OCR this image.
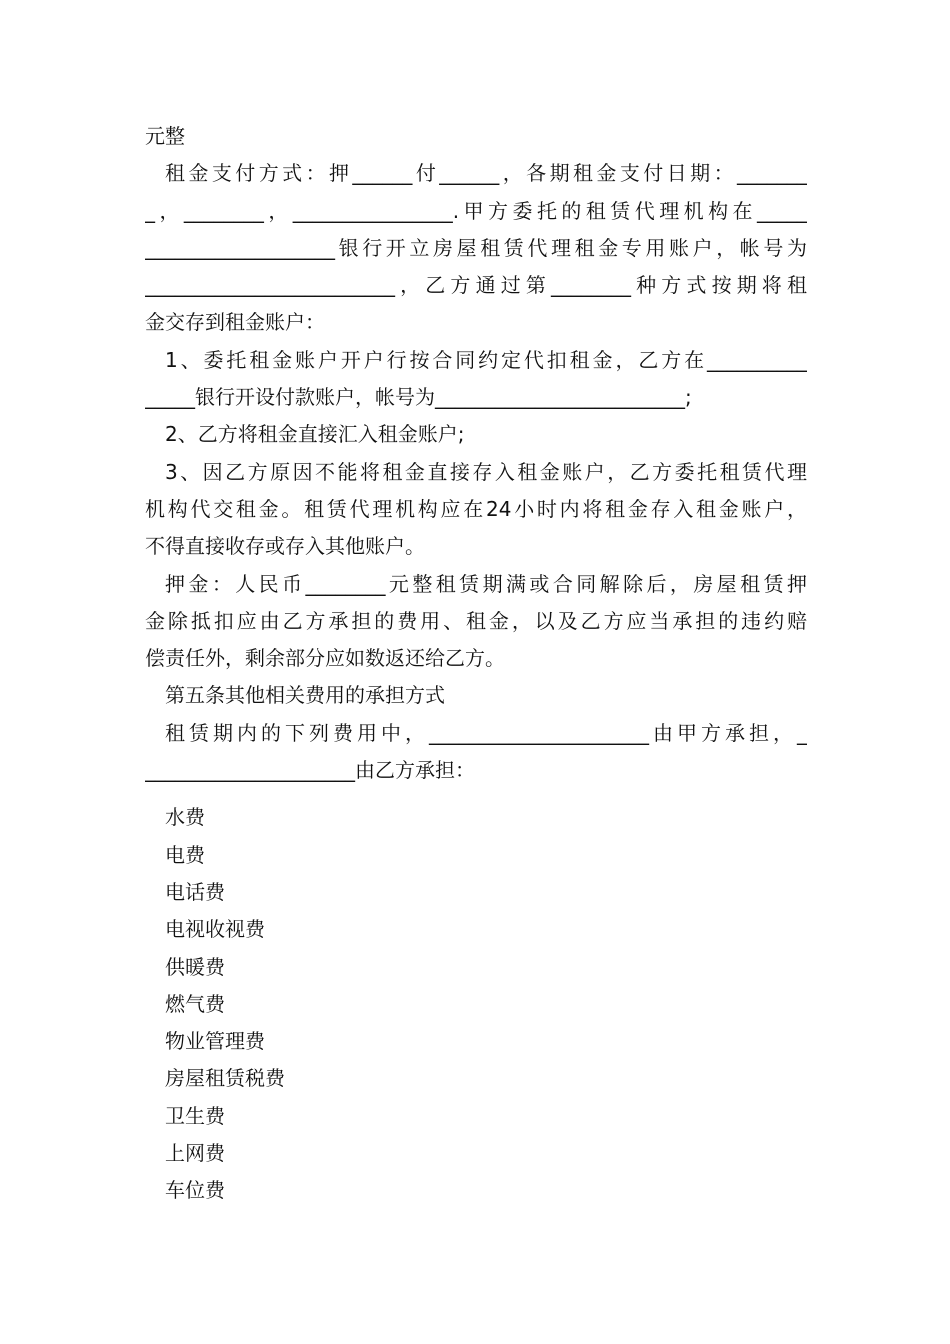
元整
租金支付方式：押______付______，各期租金支付日期：_______
_，________，________________.甲方委托的租赁代理机构在_____
___________________银行开立房屋租赁代理租金专用账户，帐号为
_________________________，乙方通过第________种方式按期将租
金交存到租金账户：
1、委托租金账户开户行按合同约定代扣租金，乙方在__________
_____银行开设付款账户，帐号为_________________________;
2、乙方将租金直接汇入租金账户;
3、因乙方原因不能将租金直接存入租金账户，乙方委托租赁代理
机构代交租金。租赁代理机构应在24小时内将租金存入租金账户，
不得直接收存或存入其他账户。
押金：人民币________元整租赁期满或合同解除后，房屋租赁押
金除抵扣应由乙方承担的费用、租金，以及乙方应当承担的违约赔
偿责任外，剩余部分应如数返还给乙方。
第五条其他相关费用的承担方式
租赁期内的下列费用中，______________________由甲方承担，_
_____________________由乙方承担：
水费
电费
电话费
电视收视费
供暖费
燃气费
物业管理费
房屋租赁税费
卫生费
上网费
车位费
